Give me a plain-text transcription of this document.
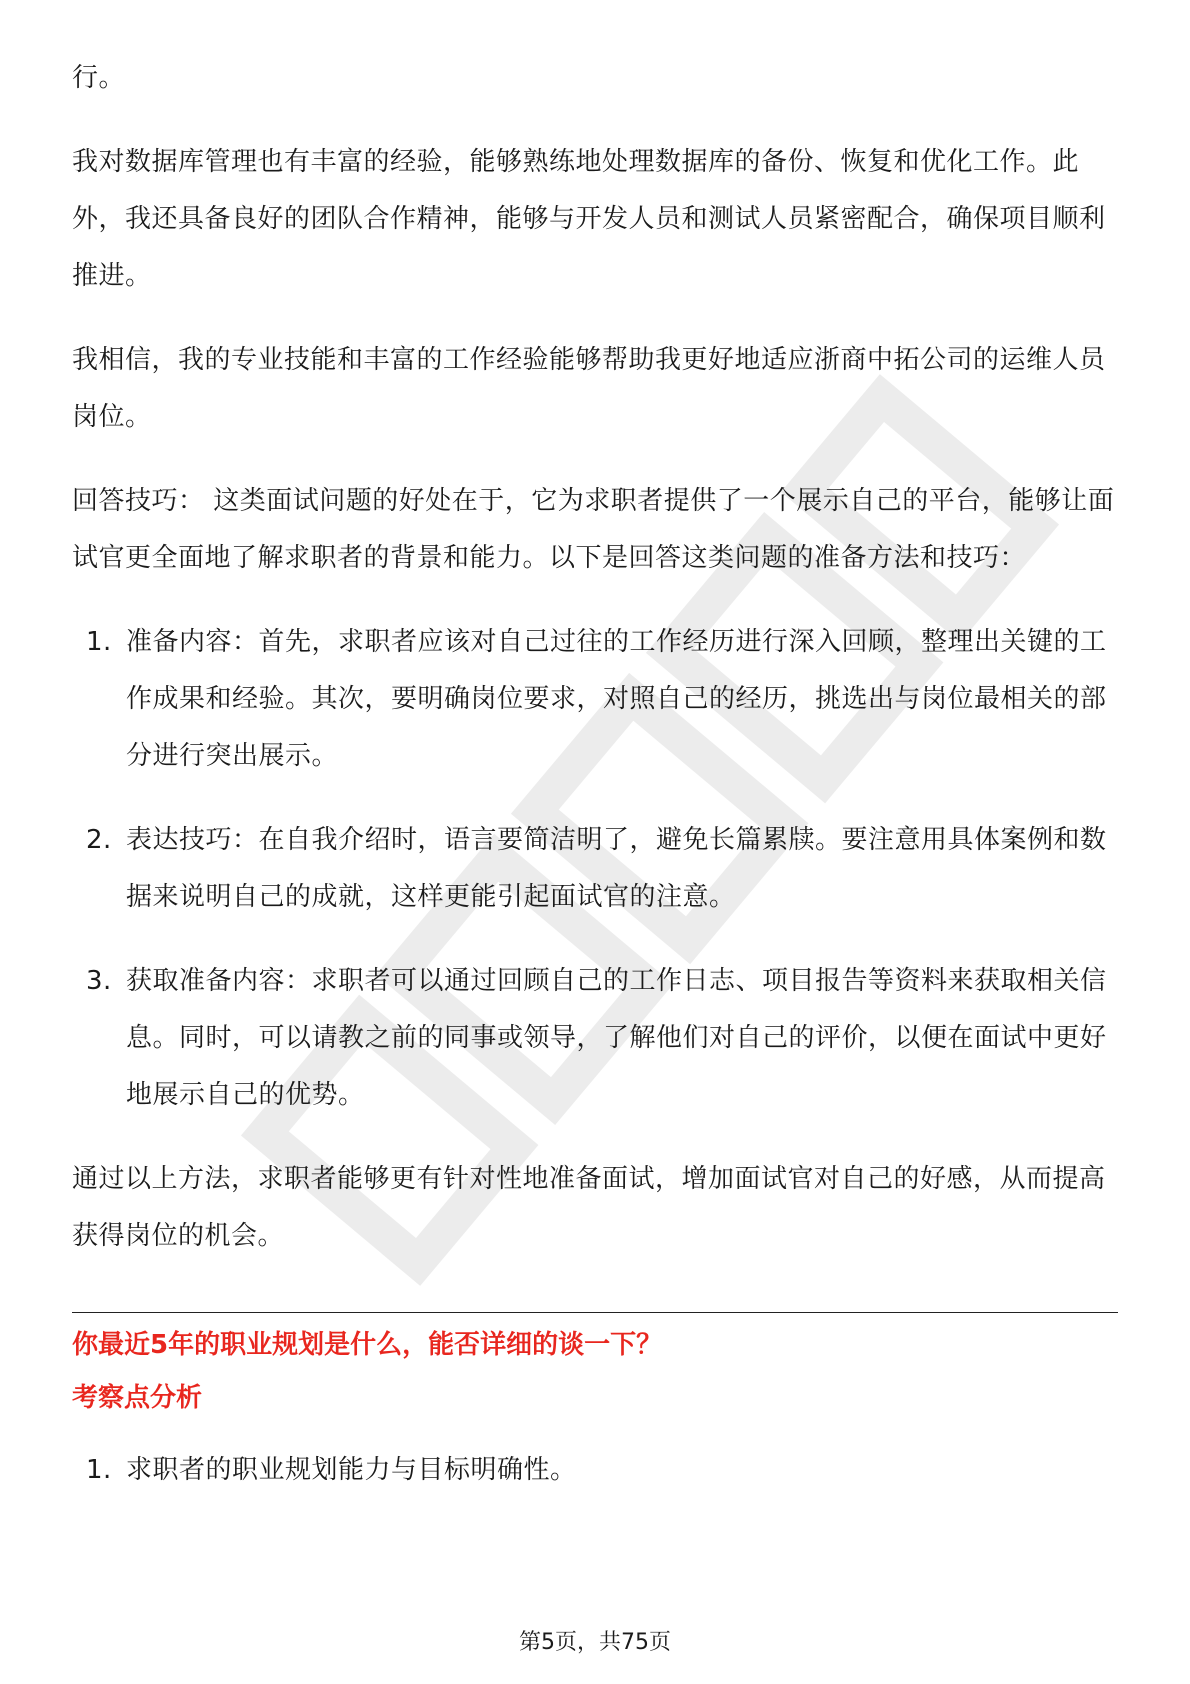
行。

我对数据库管理也有丰富的经验，能够熟练地处理数据库的备份、恢复和优化工作。此外，我还具备良好的团队合作精神，能够与开发人员和测试人员紧密配合，确保项目顺利推进。

我相信，我的专业技能和丰富的工作经验能够帮助我更好地适应浙商中拓公司的运维人员岗位。

回答技巧： 这类面试问题的好处在于，它为求职者提供了一个展示自己的平台，能够让面试官更全面地了解求职者的背景和能力。以下是回答这类问题的准备方法和技巧：

1. 准备内容：首先，求职者应该对自己过往的工作经历进行深入回顾，整理出关键的工作成果和经验。其次，要明确岗位要求，对照自己的经历，挑选出与岗位最相关的部分进行突出展示。
2. 表达技巧：在自我介绍时，语言要简洁明了，避免长篇累牍。要注意用具体案例和数据来说明自己的成就，这样更能引起面试官的注意。
3. 获取准备内容：求职者可以通过回顾自己的工作日志、项目报告等资料来获取相关信息。同时，可以请教之前的同事或领导，了解他们对自己的评价，以便在面试中更好地展示自己的优势。

通过以上方法，求职者能够更有针对性地准备面试，增加面试官对自己的好感，从而提高获得岗位的机会。

你最近5年的职业规划是什么，能否详细的谈一下？

考察点分析

1. 求职者的职业规划能力与目标明确性。
第5页，共75页
